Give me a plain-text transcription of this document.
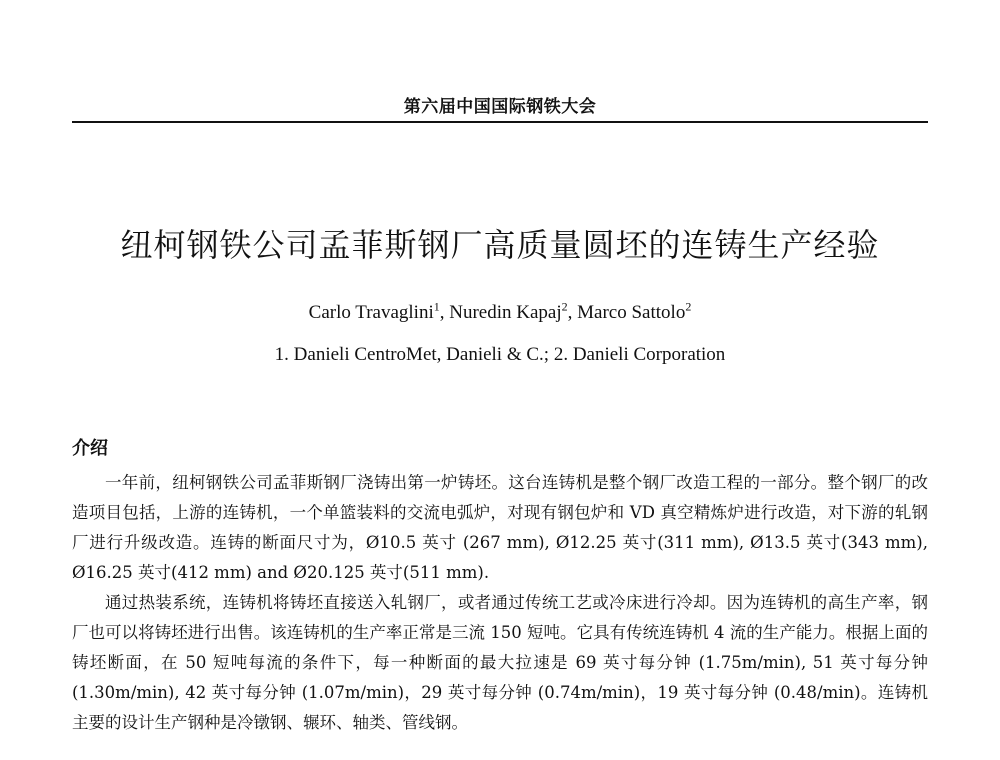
第六届中国国际钢铁大会
纽柯钢铁公司孟菲斯钢厂高质量圆坯的连铸生产经验
Carlo Travaglini$^1$, Nuredin Kapaj$^2$, Marco Sattolo$^2$
1. Danieli CentroMet, Danieli & C.; 2. Danieli Corporation
介绍

一年前，纽柯钢铁公司孟菲斯钢厂浇铸出第一炉铸坯。这台连铸机是整个钢厂改造工程的一部分。整个钢厂的改造项目包括，上游的连铸机，一个单篮装料的交流电弧炉，对现有钢包炉和 VD 真空精炼炉进行改造，对下游的轧钢厂进行升级改造。连铸的断面尺寸为，Ø10.5 英寸 (267 mm), Ø12.25 英寸(311 mm), Ø13.5 英寸(343 mm), Ø16.25 英寸(412 mm) and Ø20.125 英寸(511 mm).

通过热装系统，连铸机将铸坯直接送入轧钢厂，或者通过传统工艺或冷床进行冷却。因为连铸机的高生产率，钢厂也可以将铸坯进行出售。该连铸机的生产率正常是三流 150 短吨。它具有传统连铸机 4 流的生产能力。根据上面的铸坯断面，在 50 短吨每流的条件下，每一种断面的最大拉速是 69 英寸每分钟 (1.75m/min), 51 英寸每分钟 (1.30m/min), 42 英寸每分钟 (1.07m/min)，29 英寸每分钟 (0.74m/min)，19 英寸每分钟 (0.48/min)。连铸机主要的设计生产钢种是冷镦钢、辗环、轴类、管线钢。
